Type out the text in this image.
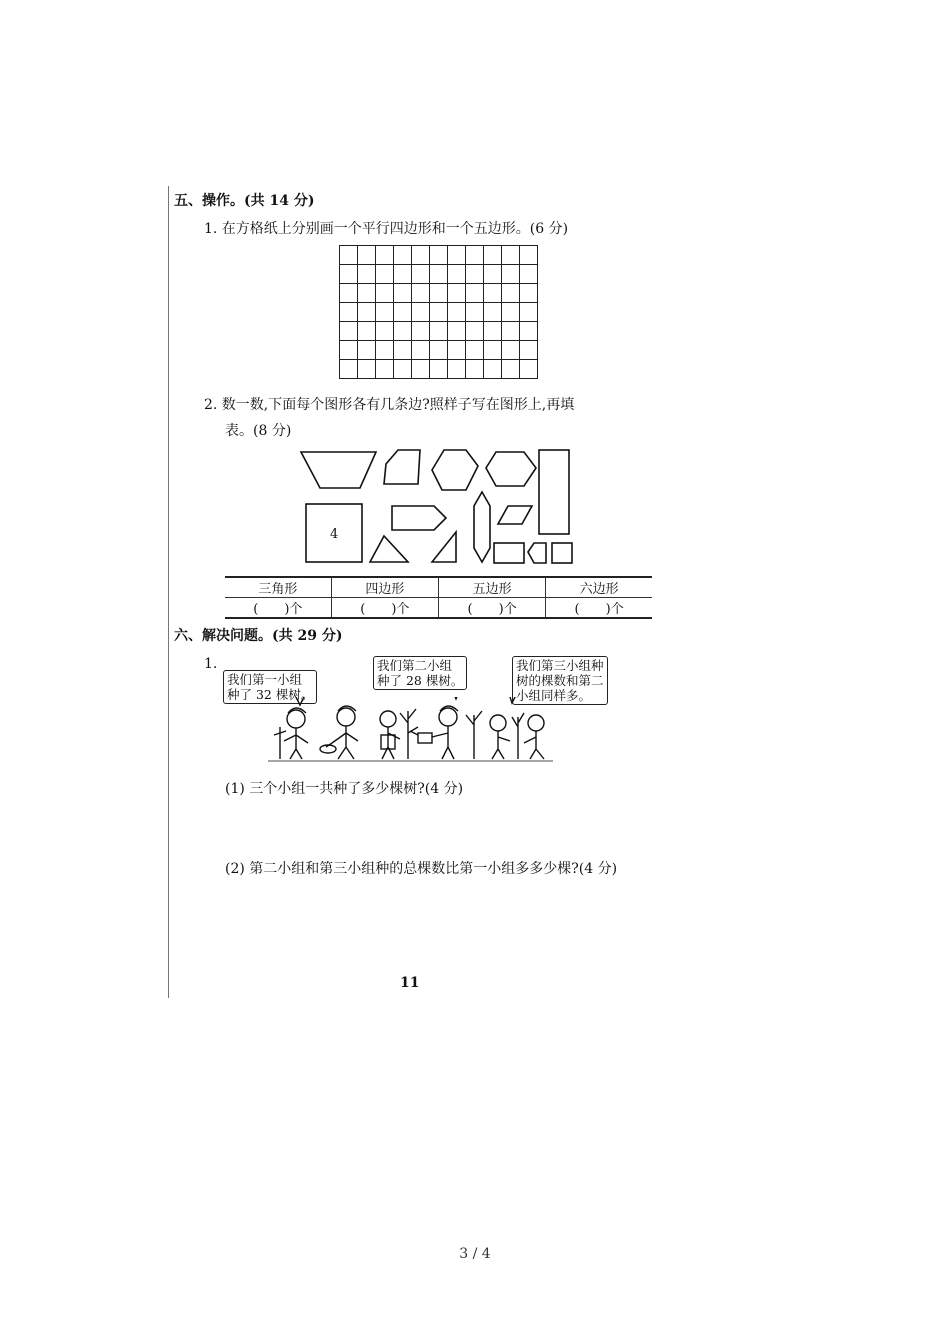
五、操作。(共 14 分)
1. 在方格纸上分别画一个平行四边形和一个五边形。(6 分)

2. 数一数,下面每个图形各有几条边?照样子写在图形上,再填
表。(8 分)
4
三角形	四边形	五边形	六边形
(　　)个	(　　)个	(　　)个	(　　)个
六、解决问题。(共 29 分)
1.
我们第一小组
种了 32 棵树。
我们第二小组
种了 28 棵树。
我们第三小组种
树的棵数和第二
小组同样多。
(1) 三个小组一共种了多少棵树?(4 分)
(2) 第二小组和第三小组种的总棵数比第一小组多多少棵?(4 分)
11
3 / 4
